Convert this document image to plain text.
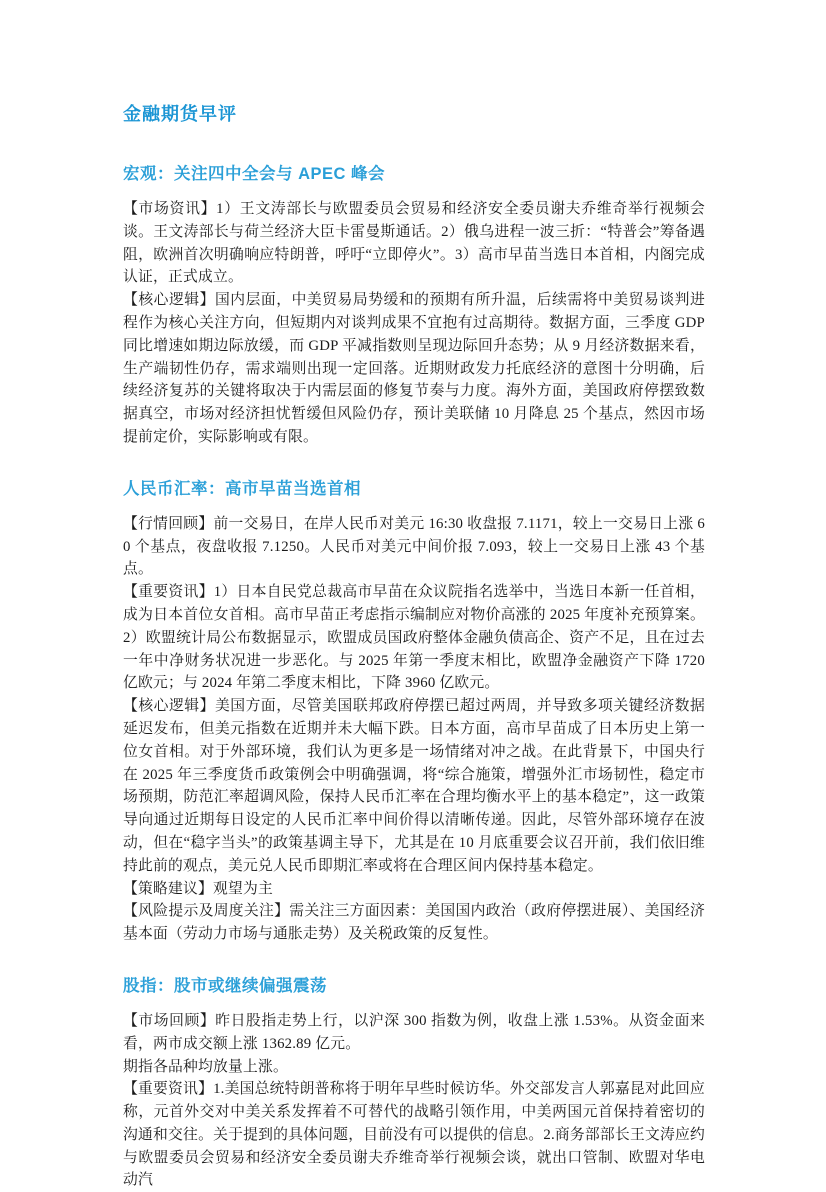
金融期货早评
宏观：关注四中全会与 APEC 峰会

【市场资讯】1）王文涛部长与欧盟委员会贸易和经济安全委员谢夫乔维奇举行视频会谈。王文涛部长与荷兰经济大臣卡雷曼斯通话。2）俄乌进程一波三折：“特普会”筹备遇阻，欧洲首次明确响应特朗普，呼吁“立即停火”。3）高市早苗当选日本首相，内阁完成认证，正式成立。

【核心逻辑】国内层面，中美贸易局势缓和的预期有所升温，后续需将中美贸易谈判进程作为核心关注方向，但短期内对谈判成果不宜抱有过高期待。数据方面，三季度 GDP 同比增速如期边际放缓，而 GDP 平减指数则呈现边际回升态势；从 9 月经济数据来看，生产端韧性仍存，需求端则出现一定回落。近期财政发力托底经济的意图十分明确，后续经济复苏的关键将取决于内需层面的修复节奏与力度。海外方面，美国政府停摆致数据真空，市场对经济担忧暂缓但风险仍存，预计美联储 10 月降息 25 个基点，然因市场提前定价，实际影响或有限。

人民币汇率：高市早苗当选首相

【行情回顾】前一交易日，在岸人民币对美元 16:30 收盘报 7.1171，较上一交易日上涨 60 个基点，夜盘收报 7.1250。人民币对美元中间价报 7.093，较上一交易日上涨 43 个基点。

【重要资讯】1）日本自民党总裁高市早苗在众议院指名选举中，当选日本新一任首相，成为日本首位女首相。高市早苗正考虑指示编制应对物价高涨的 2025 年度补充预算案。2）欧盟统计局公布数据显示，欧盟成员国政府整体金融负债高企、资产不足，且在过去一年中净财务状况进一步恶化。与 2025 年第一季度末相比，欧盟净金融资产下降 1720 亿欧元；与 2024 年第二季度末相比，下降 3960 亿欧元。

【核心逻辑】美国方面，尽管美国联邦政府停摆已超过两周，并导致多项关键经济数据延迟发布，但美元指数在近期并未大幅下跌。日本方面，高市早苗成了日本历史上第一位女首相。对于外部环境，我们认为更多是一场情绪对冲之战。在此背景下，中国央行在 2025 年三季度货币政策例会中明确强调，将“综合施策，增强外汇市场韧性，稳定市场预期，防范汇率超调风险，保持人民币汇率在合理均衡水平上的基本稳定”，这一政策导向通过近期每日设定的人民币汇率中间价得以清晰传递。因此，尽管外部环境存在波动，但在“稳字当头”的政策基调主导下，尤其是在 10 月底重要会议召开前，我们依旧维持此前的观点，美元兑人民币即期汇率或将在合理区间内保持基本稳定。

【策略建议】观望为主

【风险提示及周度关注】需关注三方面因素：美国国内政治（政府停摆进展）、美国经济基本面（劳动力市场与通胀走势）及关税政策的反复性。

股指：股市或继续偏强震荡

【市场回顾】昨日股指走势上行，以沪深 300 指数为例，收盘上涨 1.53%。从资金面来看，两市成交额上涨 1362.89 亿元。

期指各品种均放量上涨。

【重要资讯】1.美国总统特朗普称将于明年早些时候访华。外交部发言人郭嘉昆对此回应称，元首外交对中美关系发挥着不可替代的战略引领作用，中美两国元首保持着密切的沟通和交往。关于提到的具体问题，目前没有可以提供的信息。2.商务部部长王文涛应约与欧盟委员会贸易和经济安全委员谢夫乔维奇举行视频会谈，就出口管制、欧盟对华电动汽
